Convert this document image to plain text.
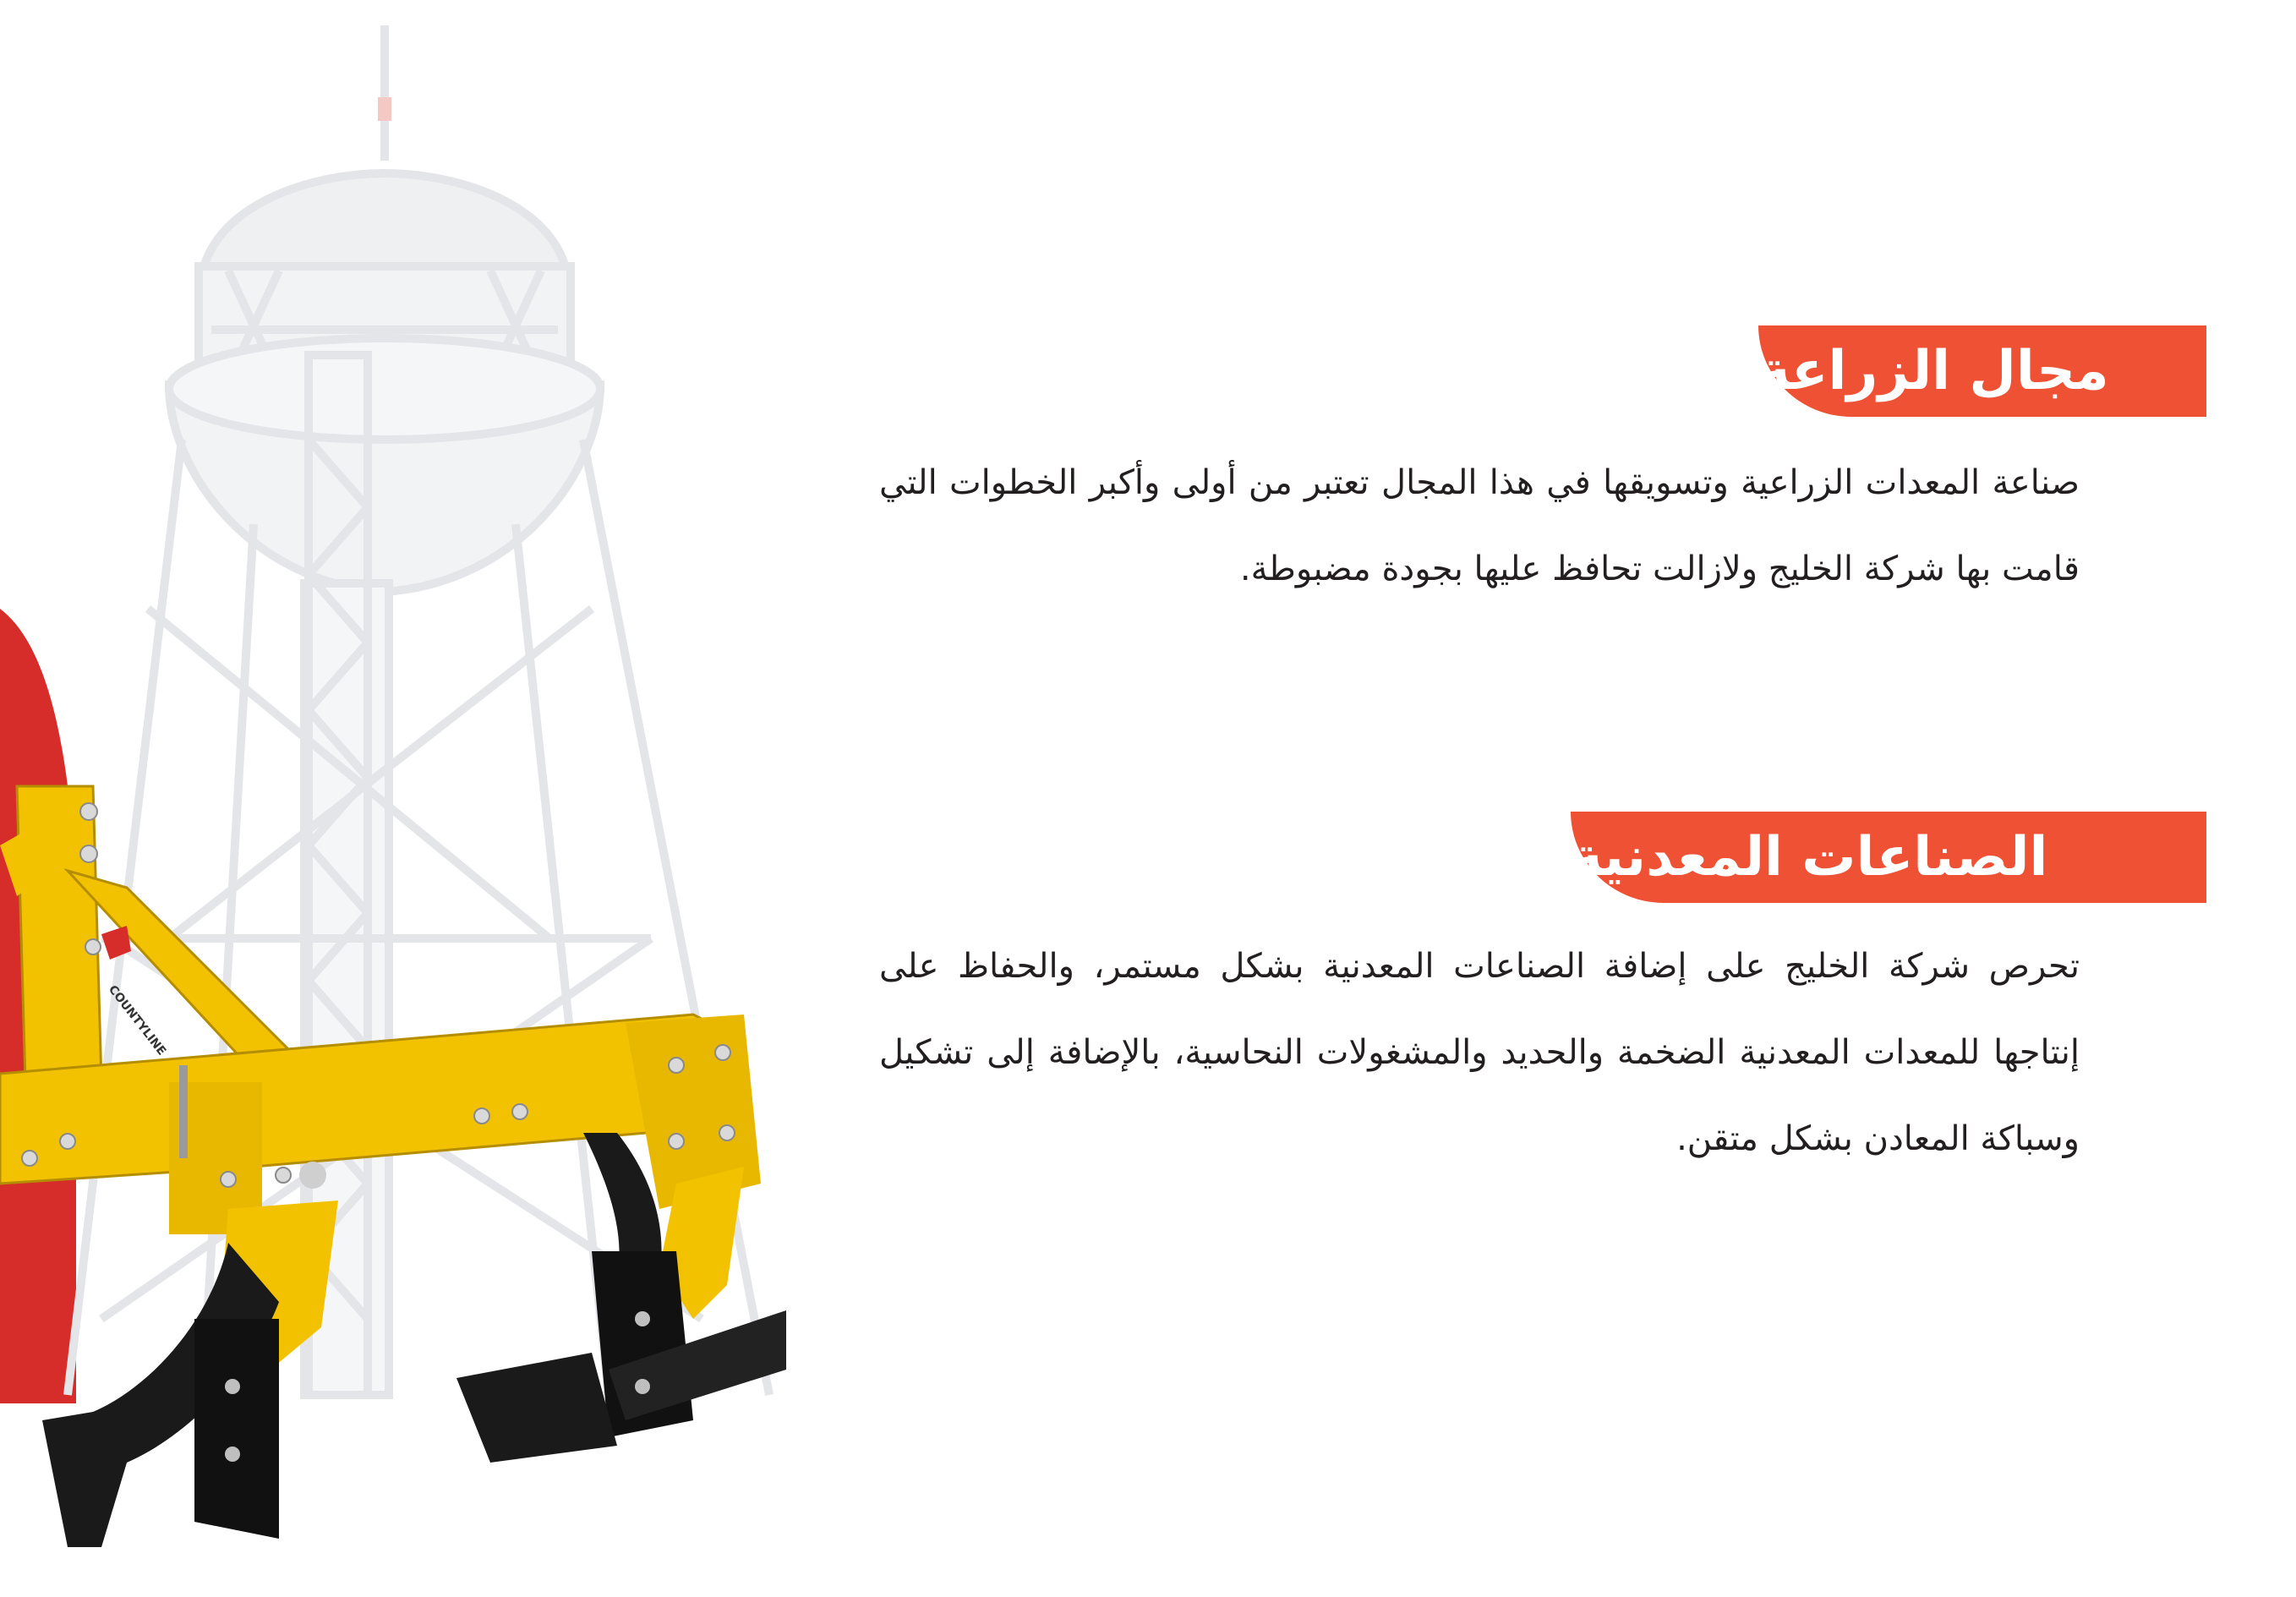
COUNTYLINE
مجال الزراعة
صناعة المعدات الزراعية وتسويقها في هذا المجال تعتبر من أولى وأكبر الخطوات التي قامت بها شركة الخليج ولازالت تحافظ عليها بجودة مضبوطة.
الصناعات المعدنية
تحرص شركة الخليج على إضافة الصناعات المعدنية بشكل مستمر، والحفاظ على إنتاجها للمعدات المعدنية الضخمة والحديد والمشغولات النحاسية، بالإضافة إلى تشكيل وسباكة المعادن بشكل متقن.
